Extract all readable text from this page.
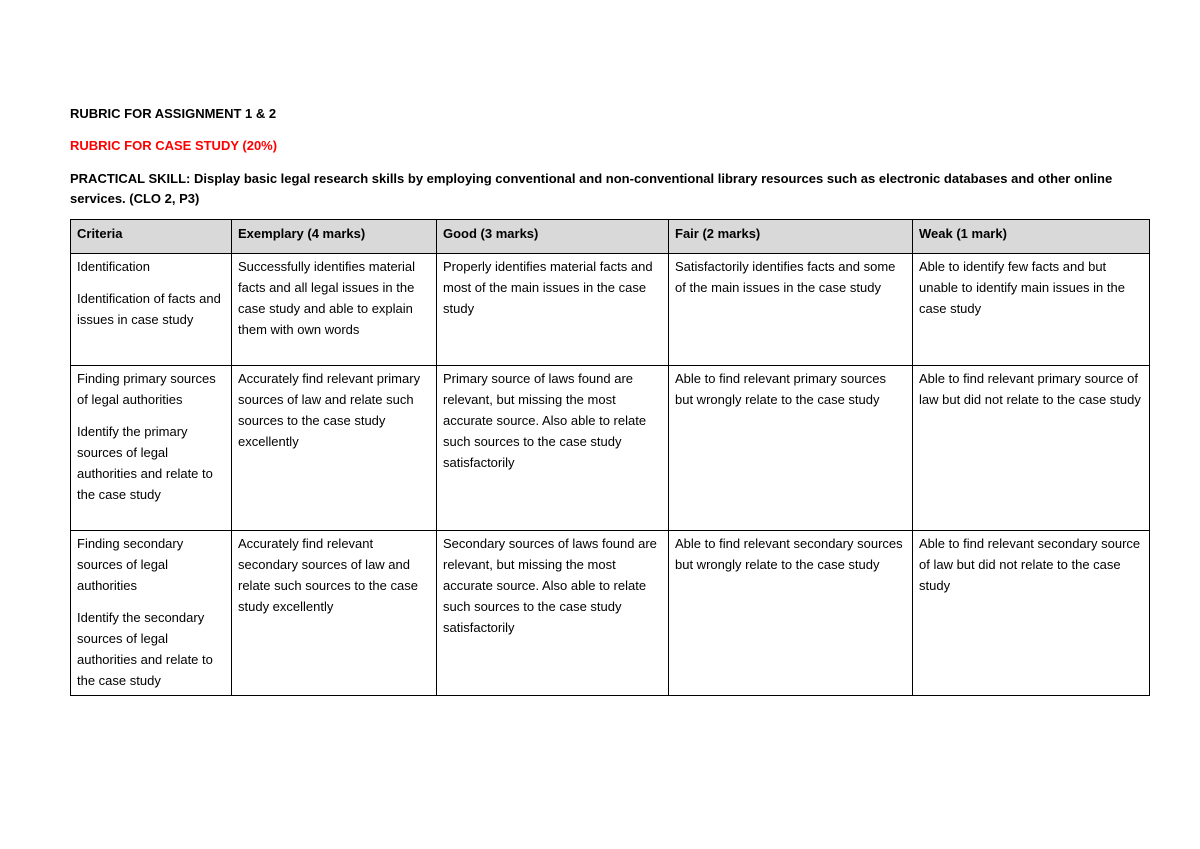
RUBRIC FOR ASSIGNMENT 1 & 2

RUBRIC FOR CASE STUDY (20%)

PRACTICAL SKILL: Display basic legal research skills by employing conventional and non-conventional library resources such as electronic databases and other online services. (CLO 2, P3)

Criteria	Exemplary (4 marks)	Good (3 marks)	Fair (2 marks)	Weak (1 mark)

Identification
Identification of facts and issues in case study	Successfully identifies material facts and all legal issues in the case study and able to explain them with own words	Properly identifies material facts and most of the main issues in the case study	Satisfactorily identifies facts and some of the main issues in the case study	Able to identify few facts and but unable to identify main issues in the case study

Finding primary sources of legal authorities
Identify the primary sources of legal authorities and relate to the case study	Accurately find relevant primary sources of law and relate such sources to the case study excellently	Primary source of laws found are relevant, but missing the most accurate source. Also able to relate such sources to the case study satisfactorily	Able to find relevant primary sources but wrongly relate to the case study	Able to find relevant primary source of law but did not relate to the case study

Finding secondary sources of legal authorities
Identify the secondary sources of legal authorities and relate to the case study	Accurately find relevant secondary sources of law and relate such sources to the case study excellently	Secondary sources of laws found are relevant, but missing the most accurate source. Also able to relate such sources to the case study satisfactorily	Able to find relevant secondary sources but wrongly relate to the case study	Able to find relevant secondary source of law but did not relate to the case study
